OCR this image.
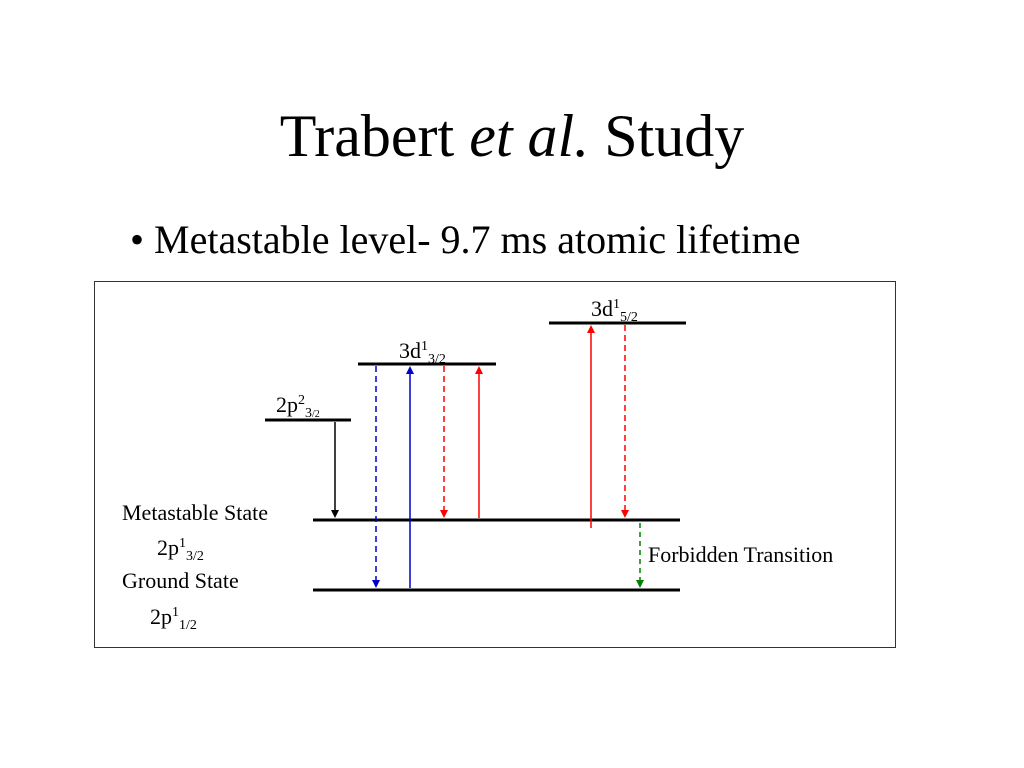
Trabert et al. Study
• Metastable level- 9.7 ms atomic lifetime
$3d^1_{5/2}$
$3d^1_{3/2}$
$2p^2_{3/2}$
Metastable State
$2p^1_{3/2}$
Ground State
$2p^1_{1/2}$
Forbidden Transition
